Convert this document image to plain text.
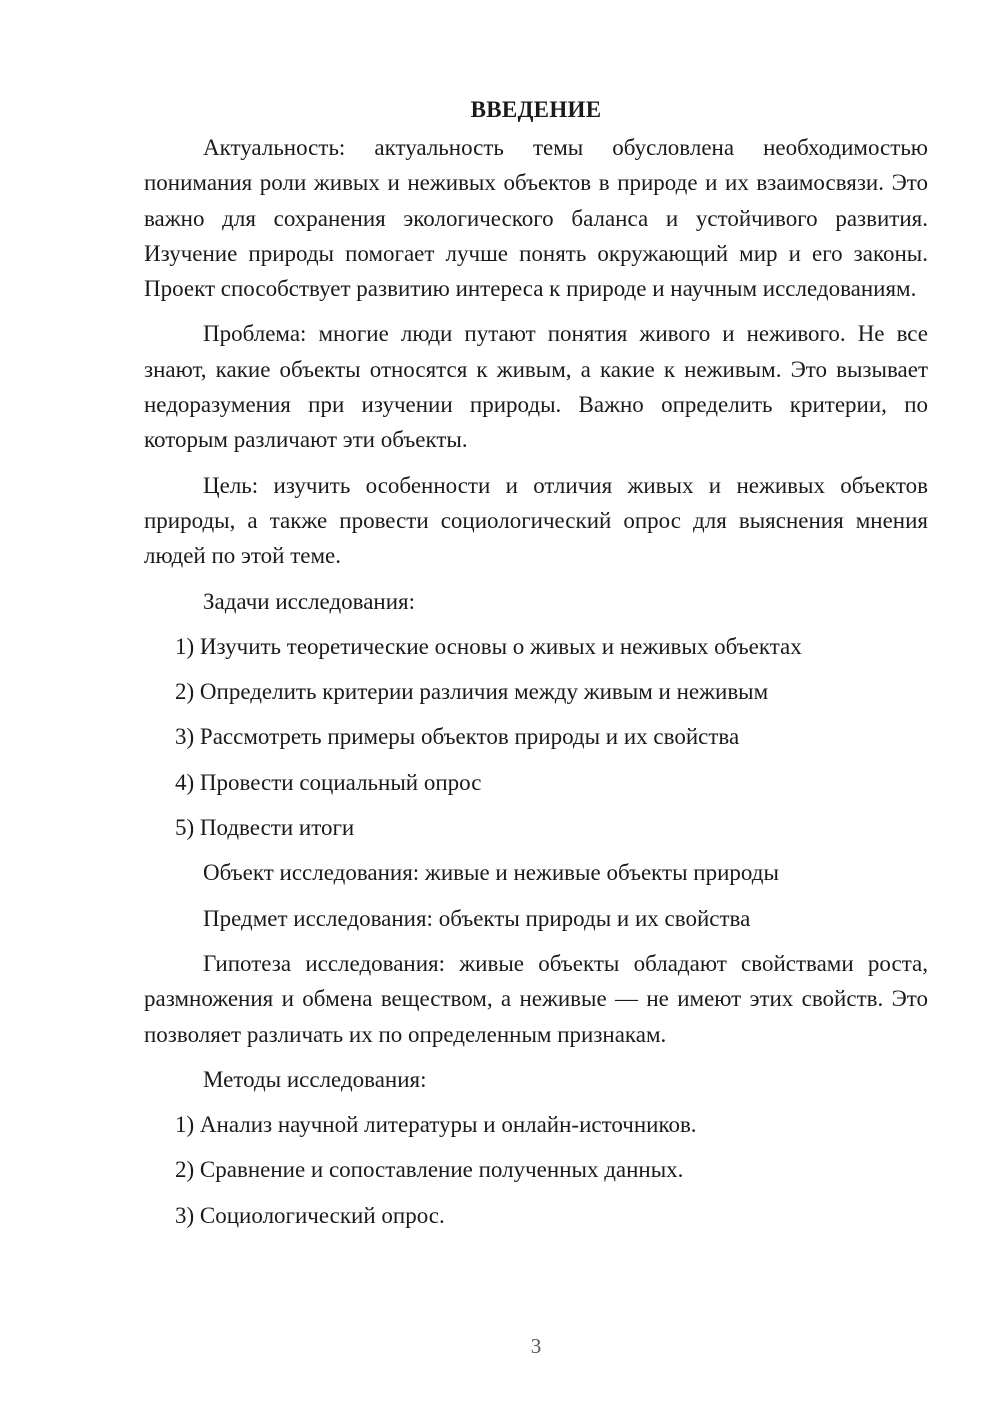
ВВЕДЕНИЕ

Актуальность: актуальность темы обусловлена необходимостью понимания роли живых и неживых объектов в природе и их взаимосвязи. Это важно для сохранения экологического баланса и устойчивого развития. Изучение природы помогает лучше понять окружающий мир и его законы. Проект способствует развитию интереса к природе и научным исследованиям.

Проблема: многие люди путают понятия живого и неживого. Не все знают, какие объекты относятся к живым, а какие к неживым. Это вызывает недоразумения при изучении природы. Важно определить критерии, по которым различают эти объекты.

Цель: изучить особенности и отличия живых и неживых объектов природы, а также провести социологический опрос для выяснения мнения людей по этой теме.

Задачи исследования:
1) Изучить теоретические основы о живых и неживых объектах
2) Определить критерии различия между живым и неживым
3) Рассмотреть примеры объектов природы и их свойства
4) Провести социальный опрос
5) Подвести итоги
Объект исследования: живые и неживые объекты природы
Предмет исследования: объекты природы и их свойства

Гипотеза исследования: живые объекты обладают свойствами роста, размножения и обмена веществом, а неживые — не имеют этих свойств. Это позволяет различать их по определенным признакам.

Методы исследования:
1) Анализ научной литературы и онлайн-источников.
2) Сравнение и сопоставление полученных данных.
3) Социологический опрос.
3
